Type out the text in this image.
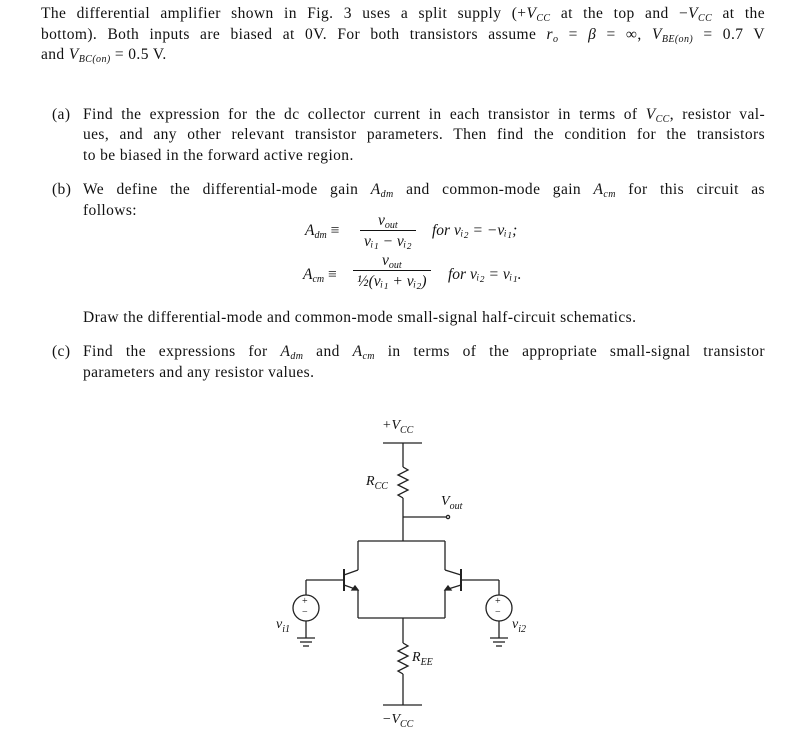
The differential amplifier shown in Fig. 3 uses a split supply ($+V_{CC}$ at the top and $-V_{CC}$ at the
bottom). Both inputs are biased at 0V. For both transistors assume $r_o = \beta$ = ∞, $V_{BE(on)} = 0.7$ V
and $V_{BC(on)} = 0.5$ V.
(a) Find the expression for the dc collector current in each transistor in terms of $V_{CC}$, resistor val-
ues, and any other relevant transistor parameters. Then find the condition for the transistors
to be biased in the forward active region.
(b) We define the differential-mode gain $A_{dm}$ and common-mode gain $A_{cm}$ for this circuit as
follows:
$A_{dm}$ ≡
$v_{out}$
vᵢ₁ − vᵢ₂
for vᵢ₂ = −vᵢ₁;
$A_{cm}$ ≡
$v_{out}$
½(vᵢ₁ + vᵢ₂) for vᵢ₂ = vᵢ₁.
Draw the differential-mode and common-mode small-signal half-circuit schematics.
(c) Find the expressions for $A_{dm}$ and $A_{cm}$ in terms of the appropriate small-signal transistor
parameters and any resistor values.
$+V_{CC}$
$R_{CC}$
$V_{out}$
$v_{i1}$	$v_{i2}$
$R_{EE}$
$-V_{CC}$
+
−
+
−
